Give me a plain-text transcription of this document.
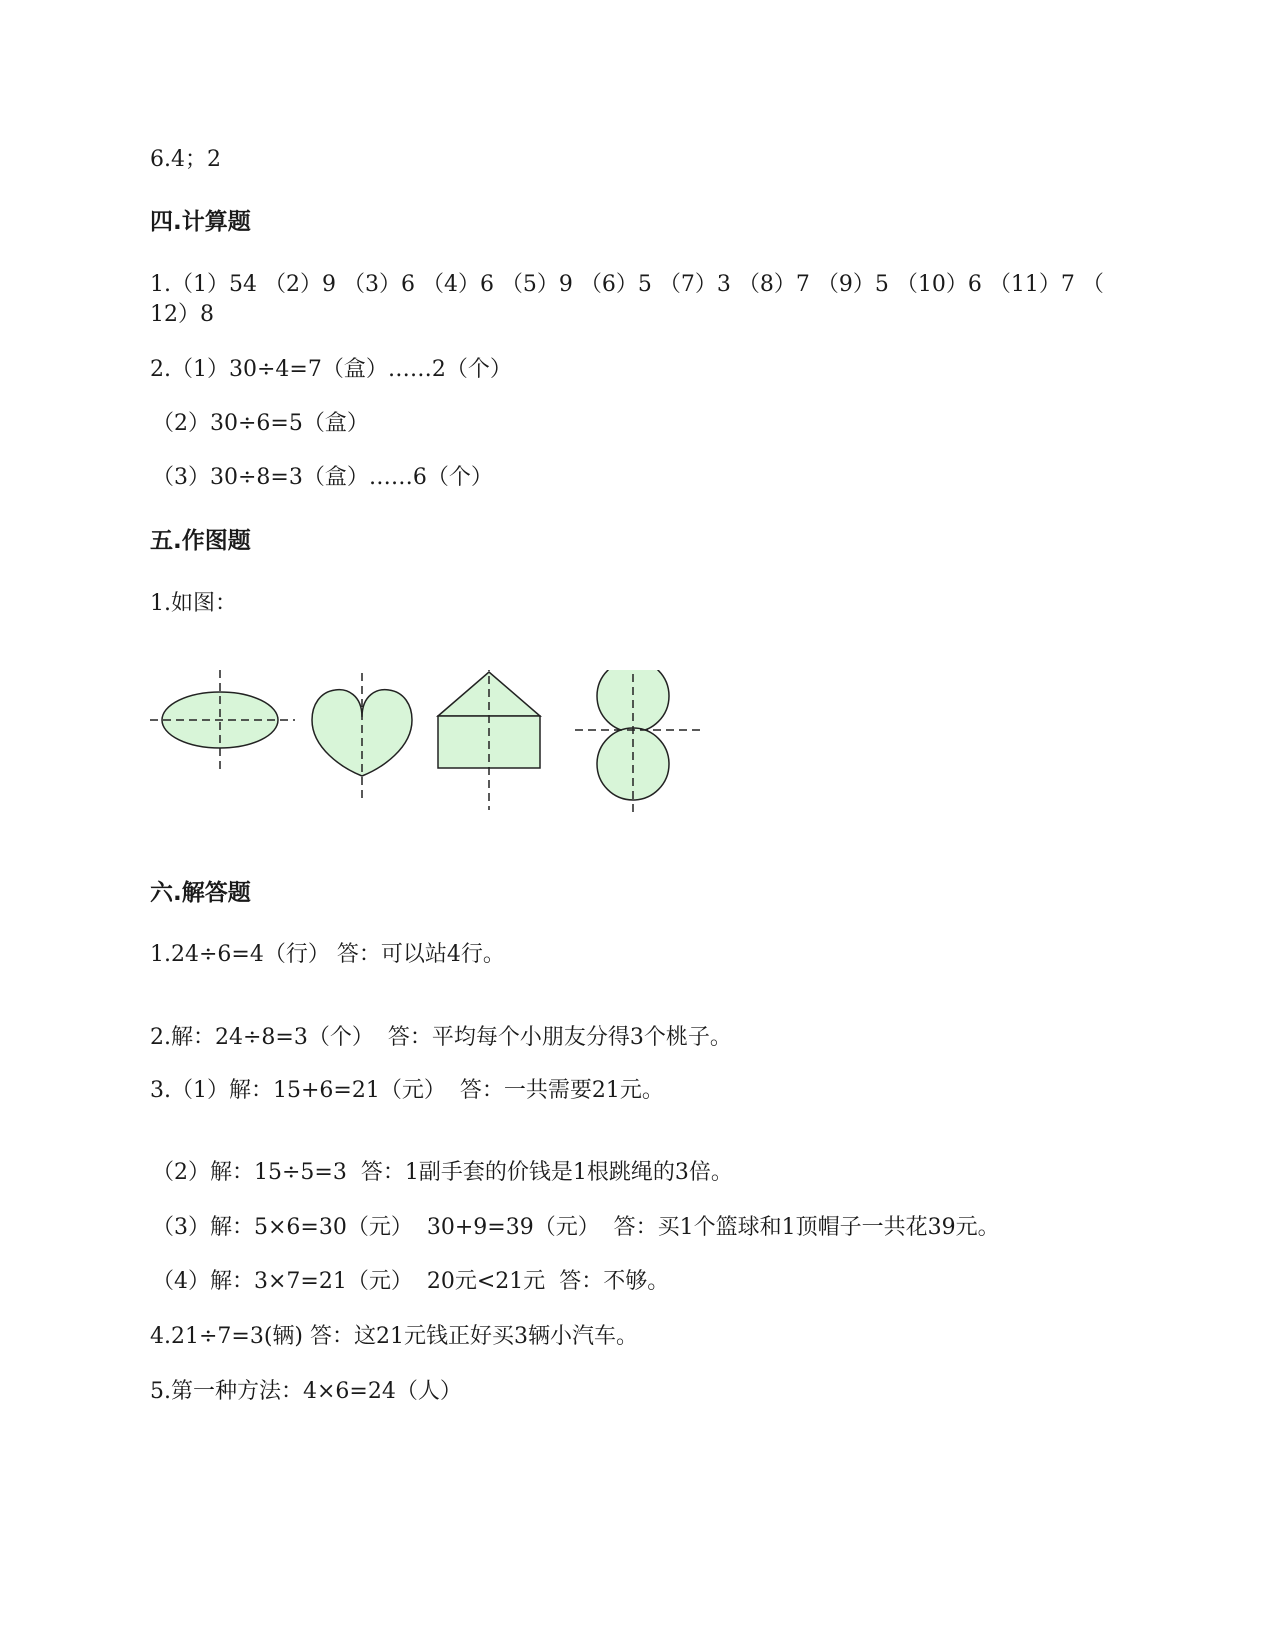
6.4；2
四.计算题
1.（1）54 （2）9 （3）6 （4）6 （5）9 （6）5 （7）3 （8）7 （9）5 （10）6 （11）7 （
12）8
2.（1）30÷4=7（盒）……2（个）
（2）30÷6=5（盒）
（3）30÷8=3（盒）……6（个）
五.作图题
1.如图：
六.解答题
1.24÷6=4（行） 答：可以站4行。
2.解：24÷8=3（个）  答：平均每个小朋友分得3个桃子。
3.（1）解：15+6=21（元）  答：一共需要21元。
（2）解：15÷5=3  答：1副手套的价钱是1根跳绳的3倍。
（3）解：5×6=30（元）  30+9=39（元）  答：买1个篮球和1顶帽子一共花39元。
（4）解：3×7=21（元）  20元<21元  答：不够。
4.21÷7=3(辆) 答：这21元钱正好买3辆小汽车。
5.第一种方法：4×6=24（人）
